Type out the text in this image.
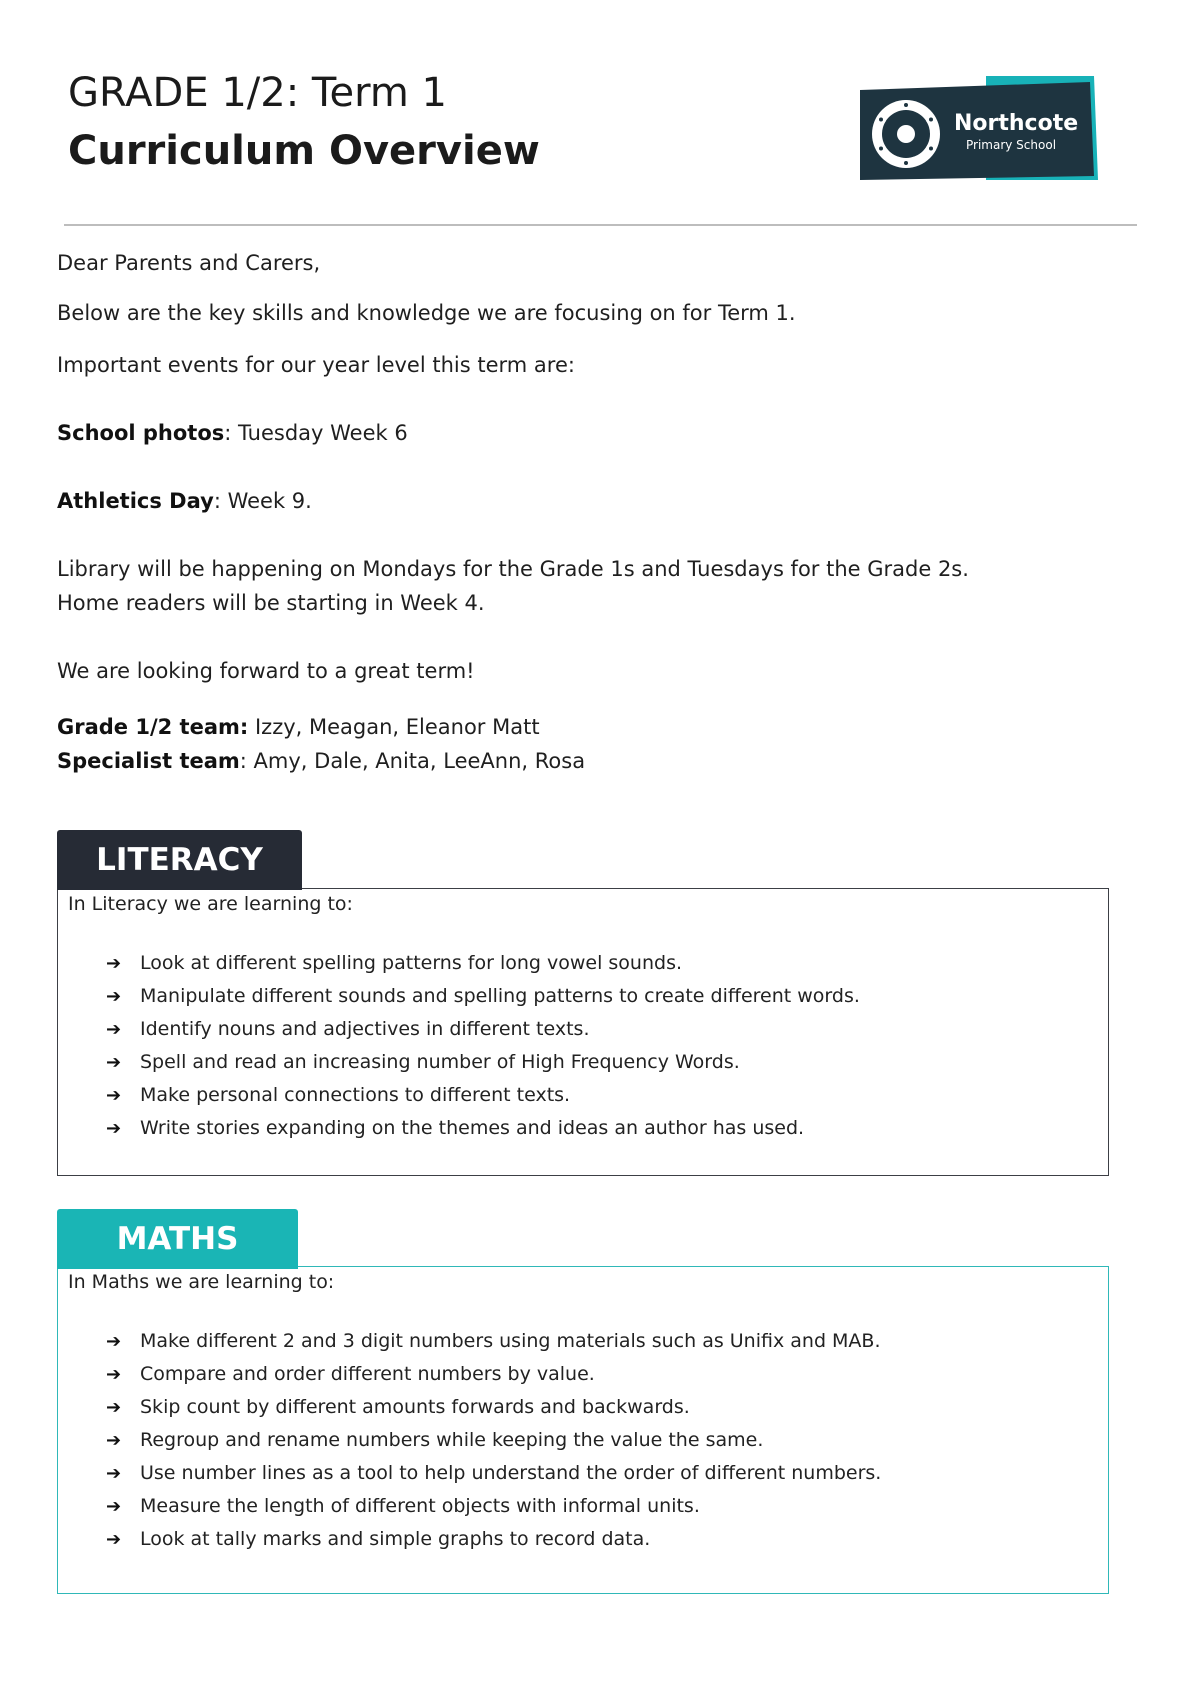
GRADE 1/2: Term 1
Curriculum Overview
Northcote
Primary School

Dear Parents and Carers,

Below are the key skills and knowledge we are focusing on for Term 1.

Important events for our year level this term are:

School photos: Tuesday Week 6

Athletics Day: Week 9.

Library will be happening on Mondays for the Grade 1s and Tuesdays for the Grade 2s.

Home readers will be starting in Week 4.

We are looking forward to a great term!

Grade 1/2 team: Izzy, Meagan, Eleanor Matt

Specialist team: Amy, Dale, Anita, LeeAnn, Rosa

In Literacy we are learning to:

➔ Look at different spelling patterns for long vowel sounds.
➔ Manipulate different sounds and spelling patterns to create different words.
➔ Identify nouns and adjectives in different texts.
➔ Spell and read an increasing number of High Frequency Words.
➔ Make personal connections to different texts.
➔ Write stories expanding on the themes and ideas an author has used.
LITERACY

In Maths we are learning to:

➔ Make different 2 and 3 digit numbers using materials such as Unifix and MAB.
➔ Compare and order different numbers by value.
➔ Skip count by different amounts forwards and backwards.
➔ Regroup and rename numbers while keeping the value the same.
➔ Use number lines as a tool to help understand the order of different numbers.
➔ Measure the length of different objects with informal units.
➔ Look at tally marks and simple graphs to record data.
MATHS
